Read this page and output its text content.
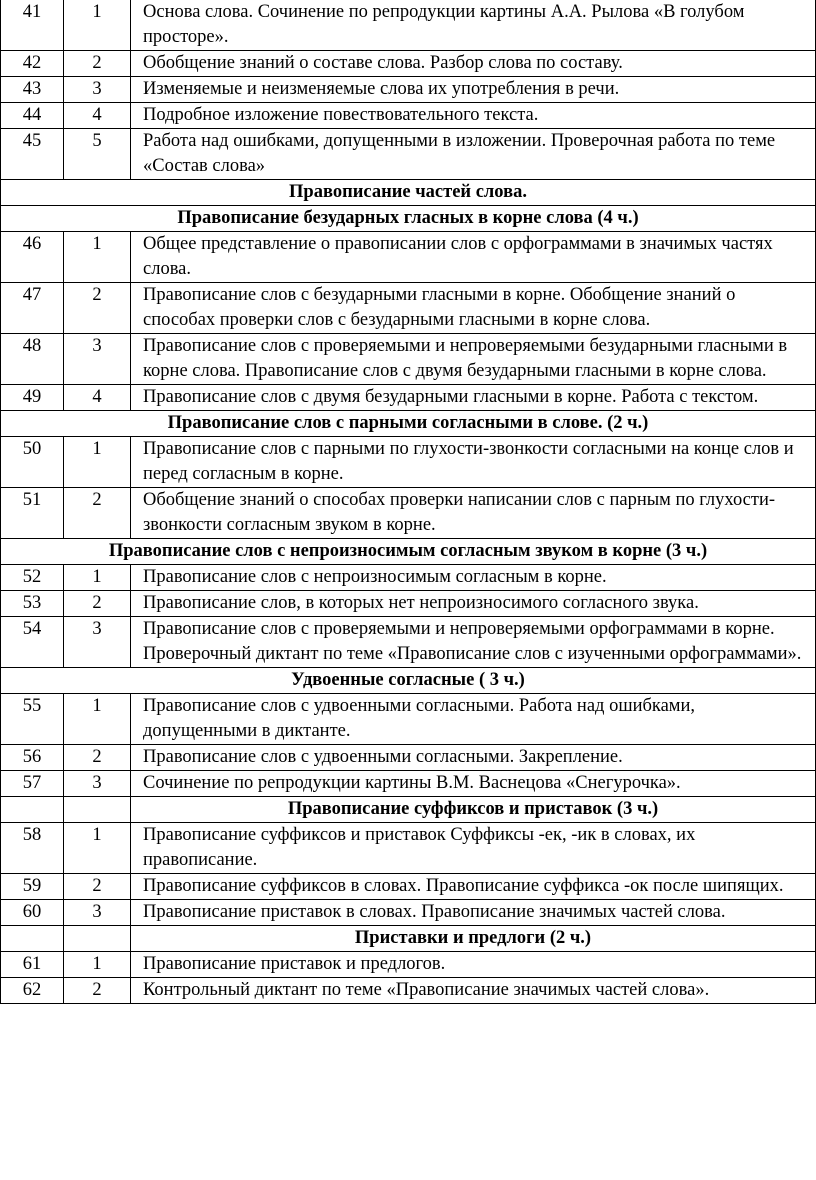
41	1	Основа слова. Сочинение по репродукции картины А.А. Рылова «В голубом просторе».
42	2	Обобщение знаний о составе слова. Разбор слова по составу.
43	3	Изменяемые и неизменяемые слова их употребления в речи.
44	4	Подробное изложение повествовательного текста.
45	5	Работа над ошибками, допущенными в изложении. Проверочная работа по теме «Состав слова»
Правописание частей слова.		
Правописание безударных гласных в корне слова (4 ч.)		
46	1	Общее представление о правописании слов с орфограммами в значимых частях слова.
47	2	Правописание слов с безударными гласными в корне. Обобщение знаний о способах проверки слов с безударными гласными в корне слова.
48	3	Правописание слов с проверяемыми и непроверяемыми безударными гласными в корне слова. Правописание слов с двумя безударными гласными в корне слова.
49	4	Правописание слов с двумя безударными гласными в корне. Работа с текстом.
Правописание слов с парными согласными в слове. (2 ч.)		
50	1	Правописание слов с парными по глухости-звонкости согласными на конце слов и перед согласным в корне.
51	2	Обобщение знаний о способах проверки написании слов с парным по глухости-звонкости согласным звуком в корне.
Правописание слов с непроизносимым согласным звуком в корне (3 ч.)		
52	1	Правописание слов с непроизносимым согласным в корне.
53	2	Правописание слов, в которых нет непроизносимого согласного звука.
54	3	Правописание слов с проверяемыми и непроверяемыми орфограммами в корне. Проверочный диктант по теме «Правописание слов с изученными орфограммами».
Удвоенные согласные ( 3 ч.)		
55	1	Правописание слов с удвоенными согласными. Работа над ошибками, допущенными в диктанте.
56	2	Правописание слов с удвоенными согласными. Закрепление.
57	3	Сочинение по репродукции картины В.М. Васнецова «Снегурочка».
		Правописание суффиксов и приставок (3 ч.)
58	1	Правописание суффиксов и приставок Суффиксы -ек, -ик в словах, их правописание.
59	2	Правописание суффиксов в словах. Правописание суффикса -ок после шипящих.
60	3	Правописание приставок в словах. Правописание значимых частей слова.
		Приставки и предлоги (2 ч.)
61	1	Правописание приставок и предлогов.
62	2	Контрольный диктант по теме «Правописание значимых частей слова».
